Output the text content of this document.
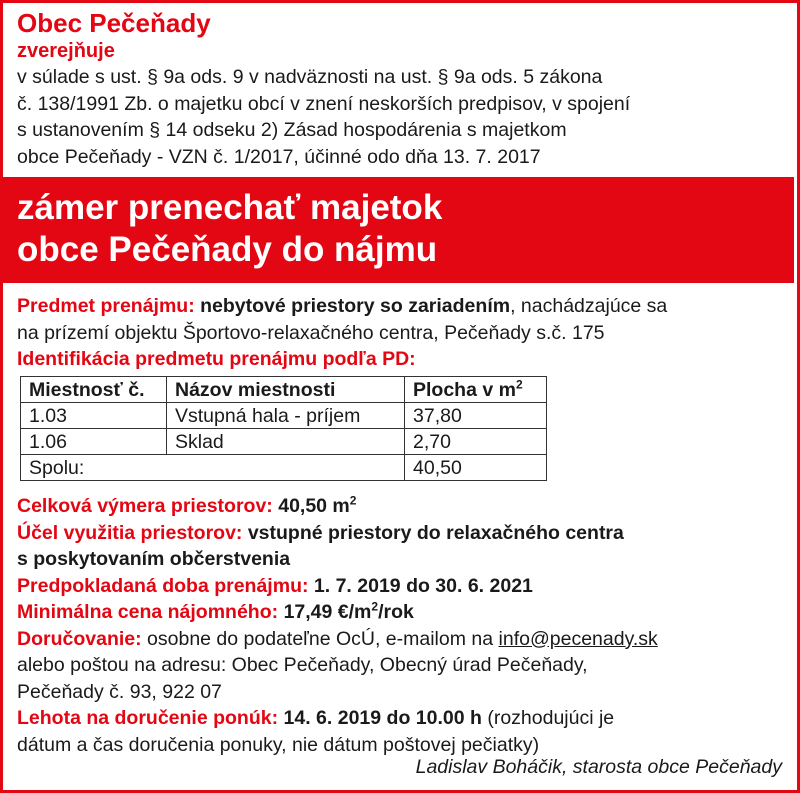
Obec Pečeňady
zverejňuje
v súlade s ust. § 9a ods. 9 v nadväznosti na ust. § 9a ods. 5 zákona
č. 138/1991 Zb. o majetku obcí v znení neskorších predpisov, v spojení
s ustanovením § 14 odseku 2) Zásad hospodárenia s majetkom
obce Pečeňady - VZN č. 1/2017, účinné odo dňa 13. 7. 2017
zámer prenechať majetok
obce Pečeňady do nájmu
Predmet prenájmu: nebytové priestory so zariadením, nachádzajúce sa
na prízemí objektu Športovo-relaxačného centra, Pečeňady s.č. 175
Identifikácia predmetu prenájmu podľa PD:
Miestnosť č.	Názov miestnosti	Plocha v $m^2$
1.03	Vstupná hala - príjem	37,80
1.06	Sklad	2,70
Spolu:		40,50
Celková výmera priestorov: 40,50 $m^2$
Účel využitia priestorov: vstupné priestory do relaxačného centra
s poskytovaním občerstvenia
Predpokladaná doba prenájmu: 1. 7. 2019 do 30. 6. 2021
Minimálna cena nájomného: 17,49 $€/m^2$/rok
Doručovanie: osobne do podateľne OcÚ, e-mailom na info@pecenady.sk
alebo poštou na adresu: Obec Pečeňady, Obecný úrad Pečeňady,
Pečeňady č. 93, 922 07
Lehota na doručenie ponúk: 14. 6. 2019 do 10.00 h (rozhodujúci je
dátum a čas doručenia ponuky, nie dátum poštovej pečiatky)
Ladislav Boháčik, starosta obce Pečeňady
